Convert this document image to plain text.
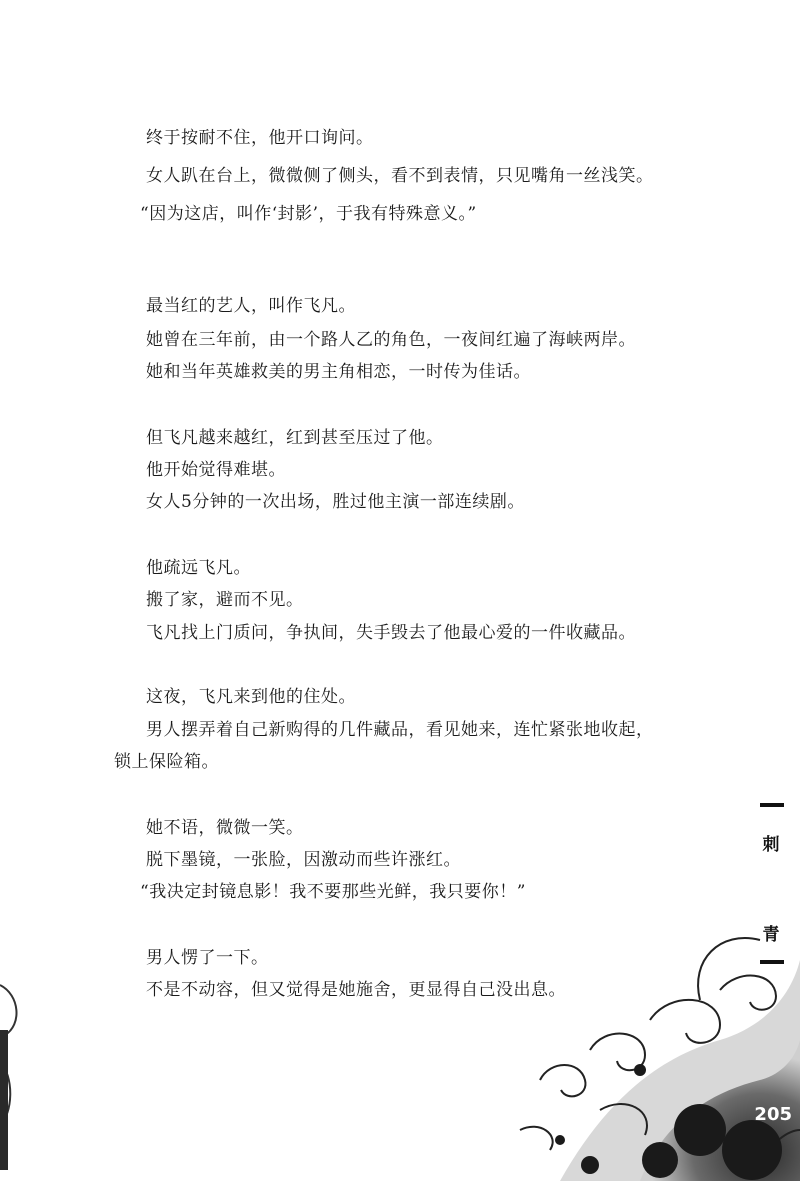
终于按耐不住，他开口询问。
女人趴在台上，微微侧了侧头，看不到表情，只见嘴角一丝浅笑。
“因为这店，叫作‘封影’，于我有特殊意义。”
最当红的艺人，叫作飞凡。
她曾在三年前，由一个路人乙的角色，一夜间红遍了海峡两岸。
她和当年英雄救美的男主角相恋，一时传为佳话。
但飞凡越来越红，红到甚至压过了他。
他开始觉得难堪。
女人5分钟的一次出场，胜过他主演一部连续剧。
他疏远飞凡。
搬了家，避而不见。
飞凡找上门质问，争执间，失手毁去了他最心爱的一件收藏品。
这夜，飞凡来到他的住处。
男人摆弄着自己新购得的几件藏品，看见她来，连忙紧张地收起，
锁上保险箱。
她不语，微微一笑。
脱下墨镜，一张脸，因激动而些许涨红。
“我决定封镜息影！我不要那些光鲜，我只要你！”
男人愣了一下。
不是不动容，但又觉得是她施舍，更显得自己没出息。
刺
青
205
